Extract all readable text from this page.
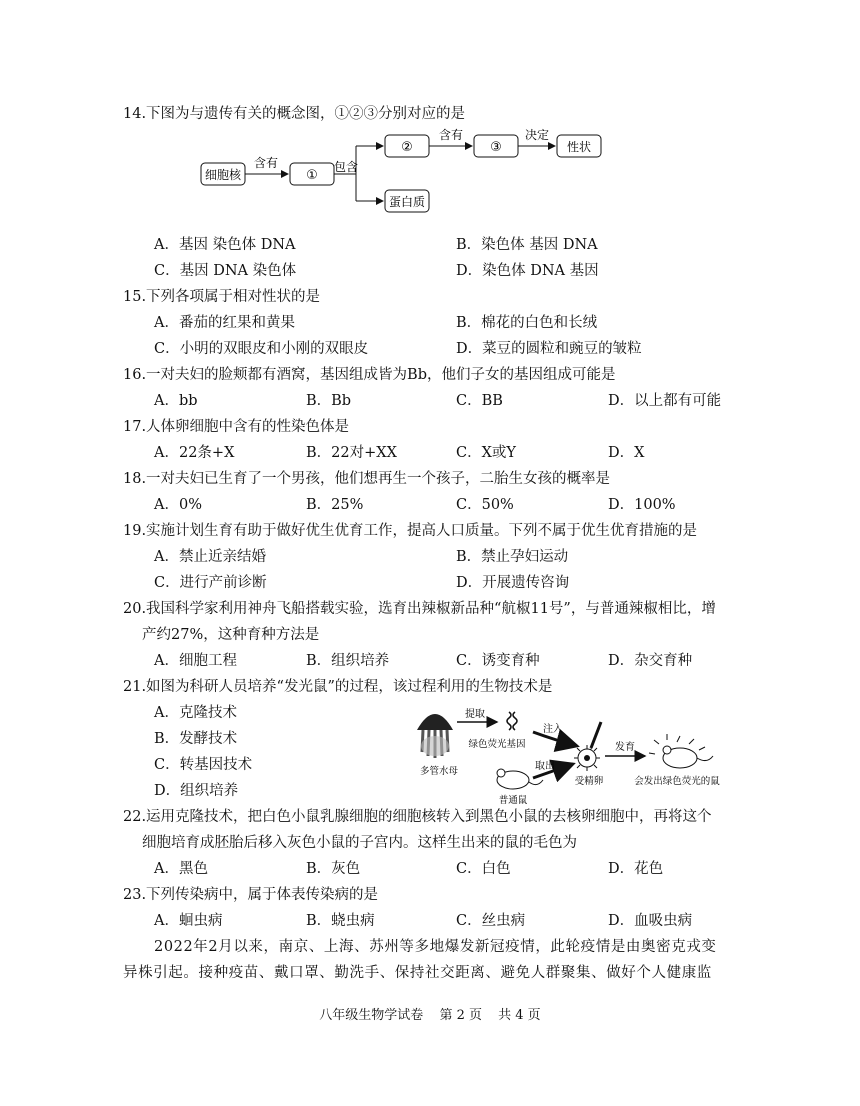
14.下图为与遗传有关的概念图，①②③分别对应的是
细胞核
含有
①
包含
②
蛋白质
含有
③
决定
性状
A．基因 染色体 DNA	B．染色体 基因 DNA
C．基因 DNA 染色体	D．染色体 DNA 基因
15.下列各项属于相对性状的是
A．番茄的红果和黄果	B．棉花的白色和长绒
C．小明的双眼皮和小刚的双眼皮	D．菜豆的圆粒和豌豆的皱粒
16.一对夫妇的脸颊都有酒窝，基因组成皆为Bb，他们子女的基因组成可能是
A．bb	B．Bb	C．BB	D．以上都有可能
17.人体卵细胞中含有的性染色体是
A．22条+X	B．22对+XX	C．X或Y	D．X
18.一对夫妇已生育了一个男孩，他们想再生一个孩子，二胎生女孩的概率是
A．0%	B．25%	C．50%	D．100%
19.实施计划生育有助于做好优生优育工作，提高人口质量。下列不属于优生优育措施的是
A．禁止近亲结婚	B．禁止孕妇运动
C．进行产前诊断	D．开展遗传咨询
20.我国科学家利用神舟飞船搭载实验，选育出辣椒新品种“航椒11号”，与普通辣椒相比，增
产约27%，这种育种方法是
A．细胞工程	B．组织培养	C．诱变育种	D．杂交育种
21.如图为科研人员培养“发光鼠”的过程，该过程利用的生物技术是
A．克隆技术
B．发酵技术
C．转基因技术
D．组织培养
多管水母
提取
绿色荧光基因
注入
受精卵
发育
会发出绿色荧光的鼠
取出
普通鼠
22.运用克隆技术，把白色小鼠乳腺细胞的细胞核转入到黑色小鼠的去核卵细胞中，再将这个
细胞培育成胚胎后移入灰色小鼠的子宫内。这样生出来的鼠的毛色为
A．黑色	B．灰色	C．白色	D．花色
23.下列传染病中，属于体表传染病的是
A．蛔虫病	B．蛲虫病	C．丝虫病	D．血吸虫病
2022年2月以来，南京、上海、苏州等多地爆发新冠疫情，此轮疫情是由奥密克戎变
异株引起。接种疫苗、戴口罩、勤洗手、保持社交距离、避免人群聚集、做好个人健康监
八年级生物学试卷 第 2 页 共 4 页
